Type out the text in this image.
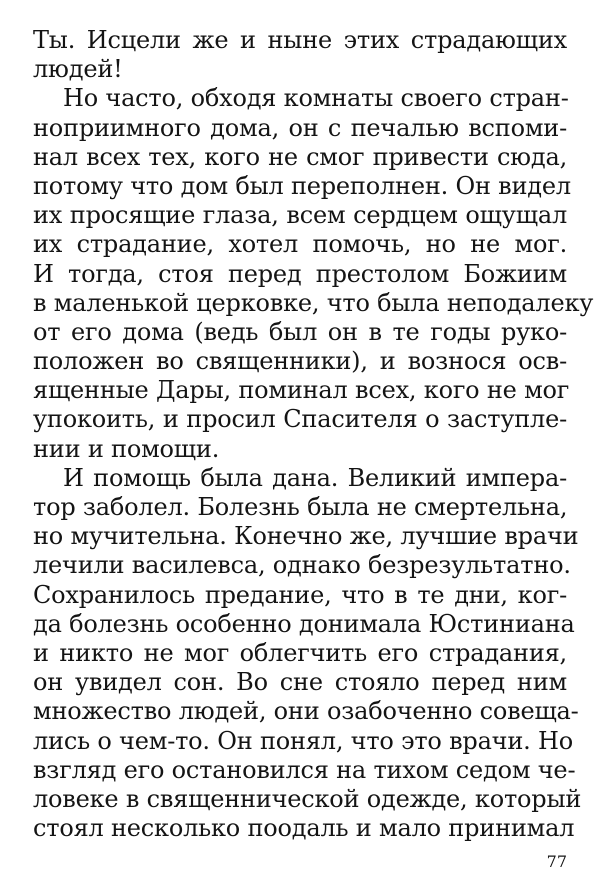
Ты. Исцели же и ныне этих страдающих
людей!
Но часто, обходя комнаты своего стран-
ноприимного дома, он с печалью вспоми-
нал всех тех, кого не смог привести сюда,
потому что дом был переполнен. Он видел
их просящие глаза, всем сердцем ощущал
их страдание, хотел помочь, но не мог.
И тогда, стоя перед престолом Божиим
в маленькой церковке, что была неподалеку
от его дома (ведь был он в те годы руко-
положен во священники), и вознося осв-
ященные Дары, поминал всех, кого не мог
упокоить, и просил Спасителя о заступле-
нии и помощи.
И помощь была дана. Великий импера-
тор заболел. Болезнь была не смертельна,
но мучительна. Конечно же, лучшие врачи
лечили василевса, однако безрезультатно.
Сохранилось предание, что в те дни, ког-
да болезнь особенно донимала Юстиниана
и никто не мог облегчить его страдания,
он увидел сон. Во сне стояло перед ним
множество людей, они озабоченно совеща-
лись о чем-то. Он понял, что это врачи. Но
взгляд его остановился на тихом седом че-
ловеке в священнической одежде, который
стоял несколько поодаль и мало принимал
77
